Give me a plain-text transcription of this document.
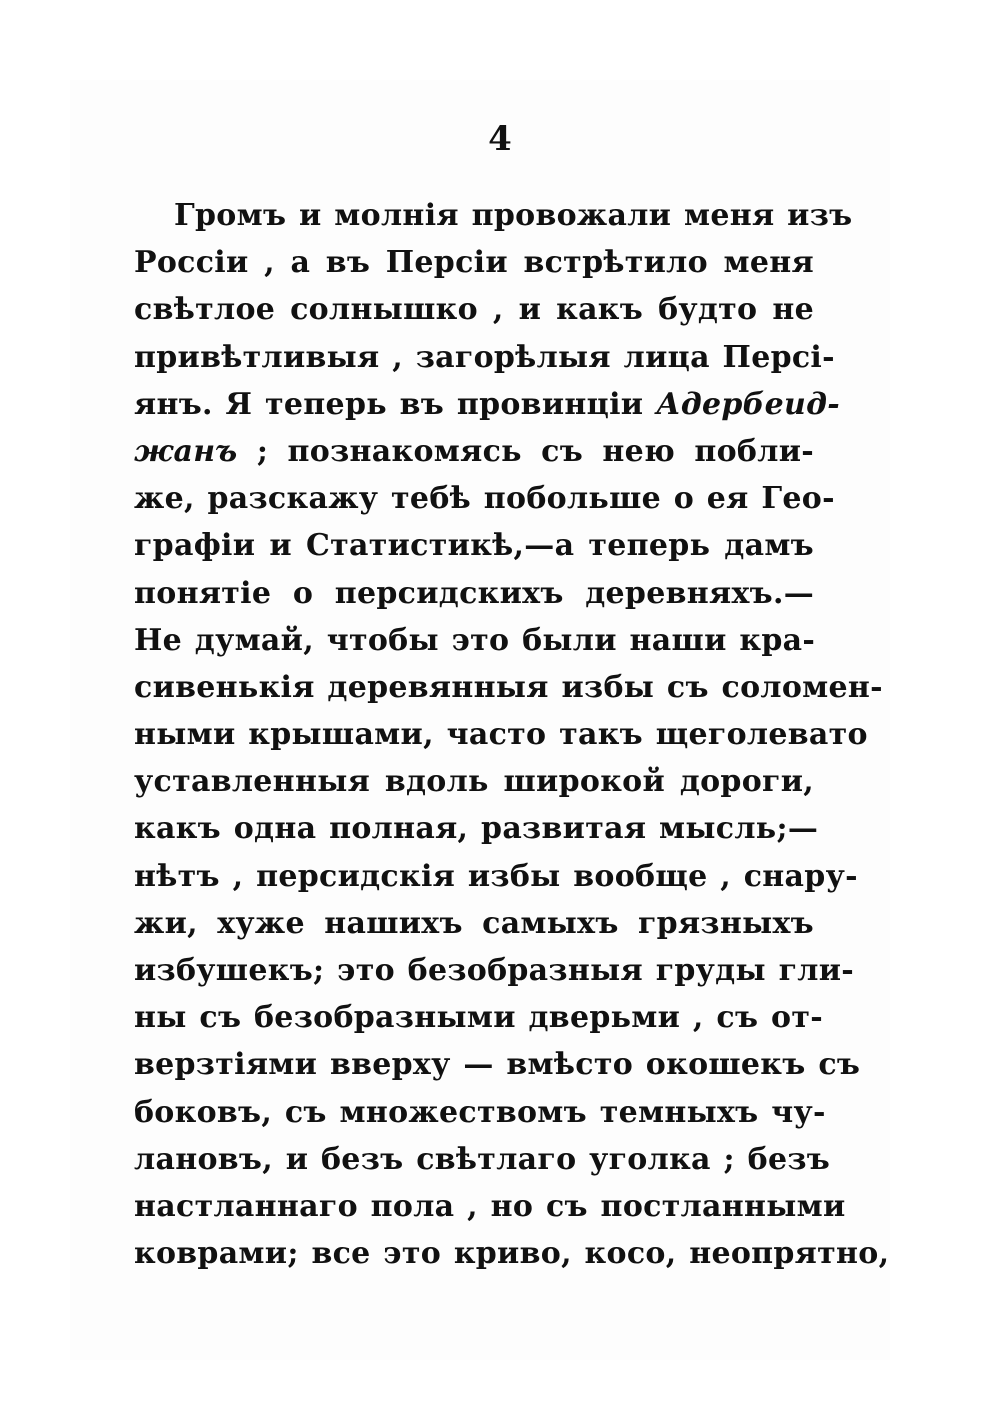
4
Громъ и молнія провожали меня изъ
Россіи , а въ Персіи встрѣтило меня
свѣтлое солнышко , и какъ будто не
привѣтливыя , загорѣлыя лица Персі-
янъ. Я теперь въ провинціи Адербеид-
жанъ ; познакомясь съ нею побли-
же, разскажу тебѣ побольше о ея Гео-
графіи и Статистикѣ,—а теперь дамъ
понятіе о персидскихъ деревняхъ.—
Не думай, чтобы это были наши кра-
сивенькія деревянныя избы съ соломен-
ными крышами, часто такъ щеголевато
уставленныя вдоль широкой дороги,
какъ одна полная, развитая мысль;—
нѣтъ , персидскія избы вообще , снару-
жи, хуже нашихъ самыхъ грязныхъ
избушекъ; это безобразныя груды гли-
ны съ безобразными дверьми , съ от-
верзтіями вверху — вмѣсто окошекъ съ
боковъ, съ множествомъ темныхъ чу-
лановъ, и безъ свѣтлаго уголка ; безъ
настланнаго пола , но съ постланными
коврами; все это криво, косо, неопрятно,
